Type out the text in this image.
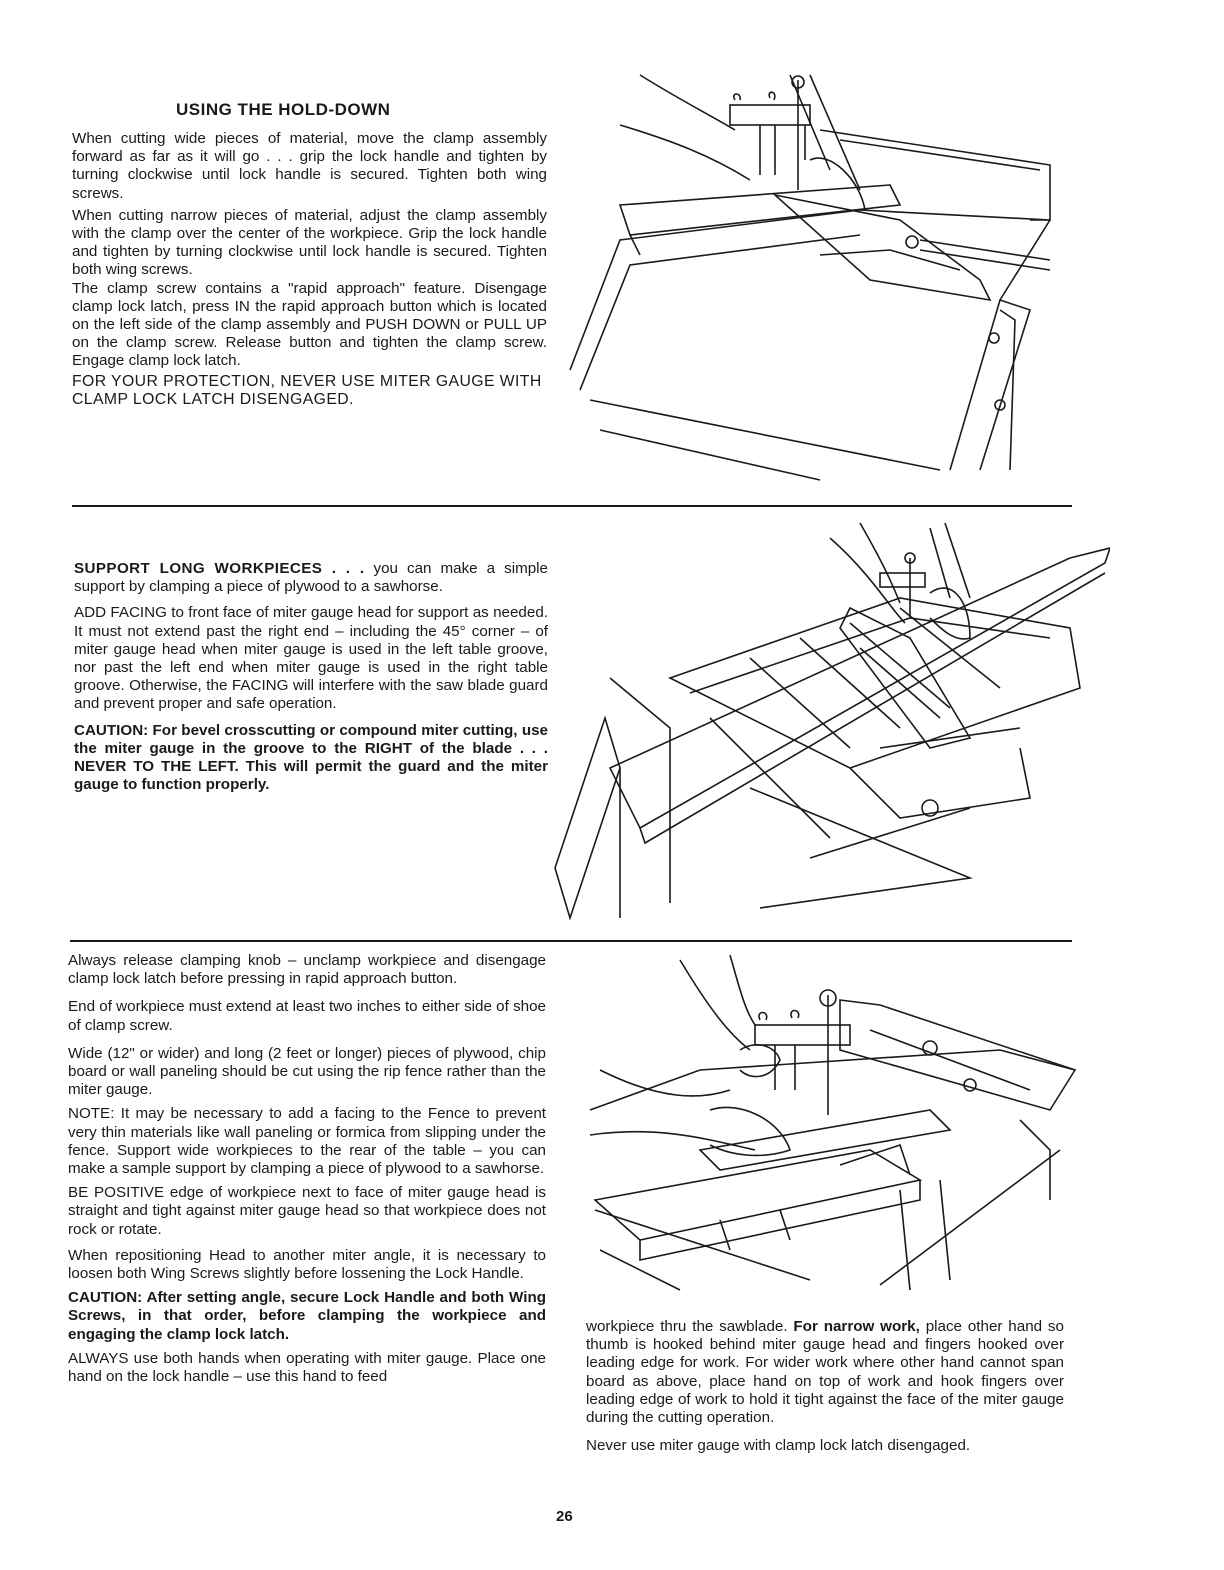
USING THE HOLD-DOWN

When cutting wide pieces of material, move the clamp assembly forward as far as it will go . . . grip the lock handle and tighten by turning clockwise until lock handle is secured. Tighten both wing screws.

When cutting narrow pieces of material, adjust the clamp assembly with the clamp over the center of the workpiece. Grip the lock handle and tighten by turning clockwise until lock handle is secured. Tighten both wing screws.

The clamp screw contains a "rapid approach" feature. Disengage clamp lock latch, press IN the rapid approach button which is located on the left side of the clamp assembly and PUSH DOWN or PULL UP on the clamp screw. Release button and tighten the clamp screw. Engage clamp lock latch.

FOR YOUR PROTECTION, NEVER USE MITER GAUGE WITH CLAMP LOCK LATCH DISENGAGED.

SUPPORT LONG WORKPIECES . . . you can make a simple support by clamping a piece of plywood to a sawhorse.

ADD FACING to front face of miter gauge head for support as needed. It must not extend past the right end – including the 45° corner – of miter gauge head when miter gauge is used in the left table groove, nor past the left end when miter gauge is used in the right table groove. Otherwise, the FACING will interfere with the saw blade guard and prevent proper and safe operation.

CAUTION: For bevel crosscutting or compound miter cutting, use the miter gauge in the groove to the RIGHT of the blade . . . NEVER TO THE LEFT. This will permit the guard and the miter gauge to function properly.

Always release clamping knob – unclamp workpiece and disengage clamp lock latch before pressing in rapid approach button.

End of workpiece must extend at least two inches to either side of shoe of clamp screw.

Wide (12" or wider) and long (2 feet or longer) pieces of plywood, chip board or wall paneling should be cut using the rip fence rather than the miter gauge.

NOTE: It may be necessary to add a facing to the Fence to prevent very thin materials like wall paneling or formica from slipping under the fence. Support wide workpieces to the rear of the table – you can make a sample support by clamping a piece of plywood to a sawhorse.

BE POSITIVE edge of workpiece next to face of miter gauge head is straight and tight against miter gauge head so that workpiece does not rock or rotate.

When repositioning Head to another miter angle, it is necessary to loosen both Wing Screws slightly before lossening the Lock Handle.

CAUTION: After setting angle, secure Lock Handle and both Wing Screws, in that order, before clamping the workpiece and engaging the clamp lock latch.

ALWAYS use both hands when operating with miter gauge. Place one hand on the lock handle – use this hand to feed

workpiece thru the sawblade. For narrow work, place other hand so thumb is hooked behind miter gauge head and fingers hooked over leading edge for work. For wider work where other hand cannot span board as above, place hand on top of work and hook fingers over leading edge of work to hold it tight against the face of the miter gauge during the cutting operation.

Never use miter gauge with clamp lock latch disengaged.

26
